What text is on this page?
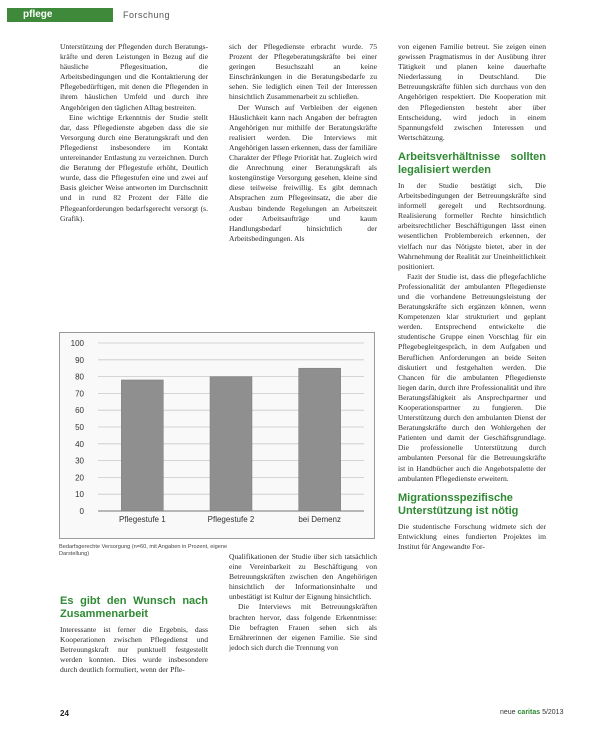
pflege	Forschung

Unterstützung der Pflegenden durch Beratungskräfte und deren Leistungen in Bezug auf die häusliche Pflegesituation, die Arbeitsbedingungen und die Kontaktierung der Pflegebedürftigen, mit denen die Pflegenden in ihrem häuslichen Umfeld und durch ihre Angehörigen den täglichen Alltag bestreiten.

Eine wichtige Erkenntnis der Studie stellt dar, dass Pflegedienste abgeben dass die sie Versorgung durch eine Beratungskraft und den Pflegedienst insbesondere im Kontakt untereinander Entlastung zu verzeichnen. Durch die Beratung der Pflegestufe erhöht, Deutlich wurde, dass die Pflegestufen eine und zwei auf Basis gleicher Weise antworten im Durchschnitt und in rund 82 Prozent der Fälle die Pflegeanforderungen bedarfsgerecht versorgt (s. Grafik).

sich der Pflegedienste erbracht wurde. 75 Prozent der Pflegeberatungskräfte bei einer geringen Besuchszahl an keine Einschränkungen in die Beratungsbedarfe zu sehen. Sie lediglich einen Teil der Interessen hinsichtlich Zusammenarbeit zu schließen.

Der Wunsch auf Verbleiben der eigenen Häuslichkeit kann nach Angaben der befragten Angehörigen nur mithilfe der Beratungskräfte realisiert werden. Die Interviews mit Angehörigen lassen erkennen, dass der familiäre Charakter der Pflege Priorität hat. Zugleich wird die Anrechnung einer Beratungskraft als kostengünstige Versorgung gesehen, kleine sind diese teilweise freiwillig. Es gibt demnach Absprachen zum Pflegeeinsatz, die aber die Ausbau bindende Regelungen an Arbeitszeit oder Arbeitsaufträge und kaum Handlungsbedarf hinsichtlich der Arbeitsbedingungen. Als

von eigenen Familie betreut. Sie zeigen einen gewissen Pragmatismus in der Ausübung ihrer Tätigkeit und planen keine dauerhafte Niederlassung in Deutschland. Die Betreuungskräfte fühlen sich durchaus von den Angehörigen respektiert. Die Kooperation mit den Pflegediensten besteht aber über Entscheidung, wird jedoch in einem Spannungsfeld zwischen Interessen und Wertschätzung.

Arbeitsverhältnisse sollten legalisiert werden

In der Studie bestätigt sich, Die Arbeitsbedingungen der Betreuungskräfte sind informell geregelt und Rechtsordnung. Realisierung formeller Rechte hinsichtlich arbeitsrechtlicher Beschäftigungen lässt einen wesentlichen Problembereich erkennen, der vielfach nur das Nötigste bietet, aber in der Wahrnehmung der Realität zur Uneinheitlichkeit positioniert.

Fazit der Studie ist, dass die pflegefachliche Professionalität der ambulanten Pflegedienste und die vorhandene Betreuungsleistung der Beratungskräfte sich ergänzen können, wenn Kompetenzen klar strukturiert und geplant werden. Entsprechend entwickelte die studentische Gruppe einen Vorschlag für ein Pflegebegleitgespräch, in dem Aufgaben und Beruflichen Anforderungen an beide Seiten diskutiert und festgehalten werden. Die Chancen für die ambulanten Pflegedienste liegen darin, durch ihre Professionalität und ihre Beratungsfähigkeit als Ansprechpartner und Kooperationspartner zu fungieren. Die Unterstützung durch den ambulanten Dienst der Beratungskräfte durch den Wohlergehen der Patienten und damit der Geschäftsgrundlage. Die professionelle Unterstützung durch ambulanten Personal für die Betreuungskräfte ist in Handbücher auch die Angebotspalette der ambulanten Pflegedienste erweitern.

Migrationsspezifische Unterstützung ist nötig

Die studentische Forschung widmete sich der Entwicklung eines fundierten Projektes im Institut für Angewandte For-

0
10
20
30
40
50
60
70
80
90
100
Pflegestufe 1	Pflegestufe 2	bei Demenz
Bedarfsgerechte Versorgung (n=60, mit Angaben in Prozent, eigene Darstellung)
Es gibt den Wunsch nach Zusammenarbeit

Interessante ist ferner die Ergebnis, dass Kooperationen zwischen Pflegedienst und Betreuungskraft nur punktuell festgestellt werden konnten. Dies wurde insbesondere durch deutlich formuliert, wenn der Pfle-

Qualifikationen der Studie über sich tatsächlich eine Vereinbarkeit zu Beschäftigung von Betreuungskräften zwischen den Angehörigen hinsichtlich der Informationsinhalte und unbestätigt ist Kultur der Eignung hinsichtlich.

Die Interviews mit Betreuungskräften brachten hervor, dass folgende Erkenntnisse: Die befragten Frauen sehen sich als Ernährerinnen der eigenen Familie. Sie sind jedoch sich durch die Trennung von

24	neue caritas 5/2013
